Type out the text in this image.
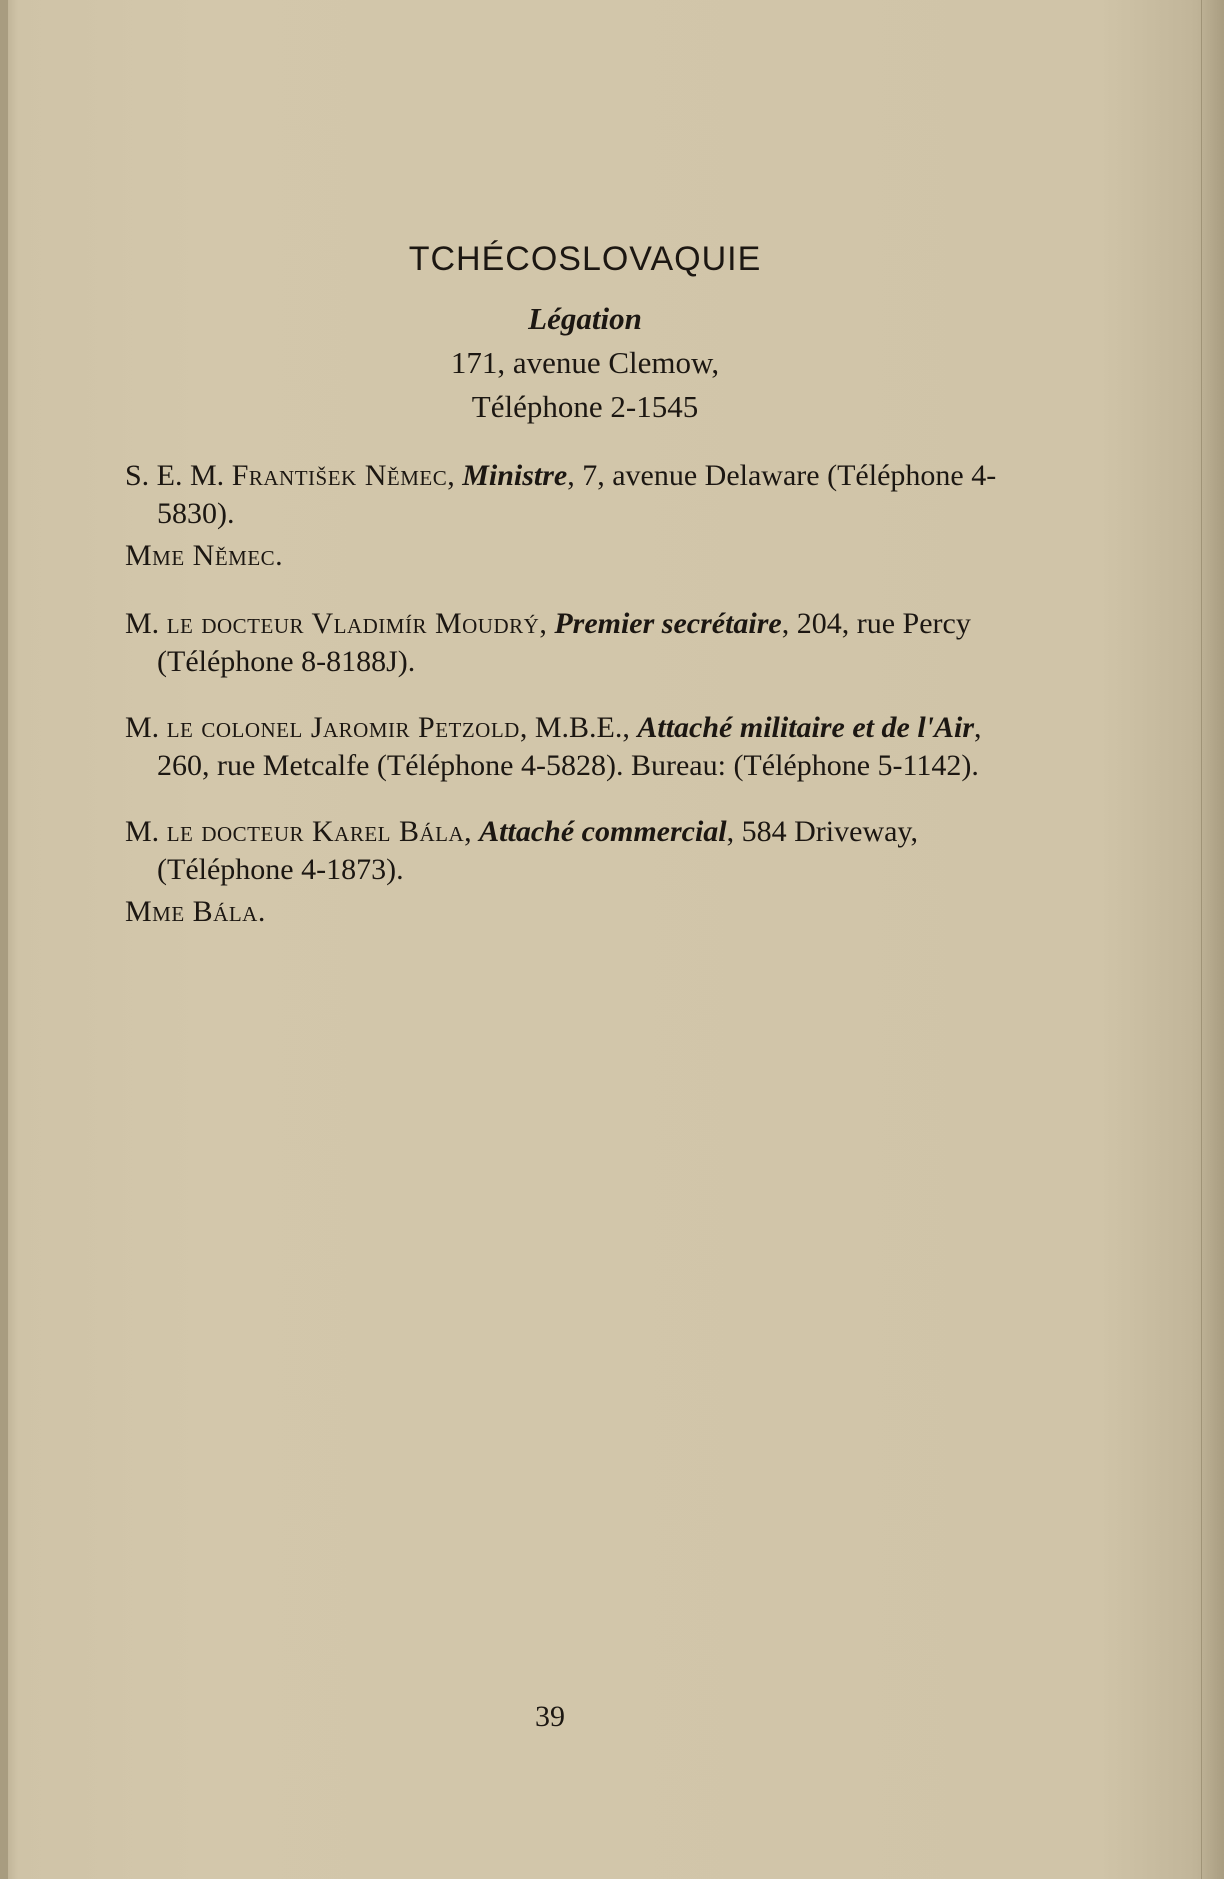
TCHÉCOSLOVAQUIE

Légation

171, avenue Clemow,

Téléphone 2-1545

S. E. M. František Němec, Ministre, 7, avenue Delaware (Téléphone 4-5830).

Mme Němec.

M. le docteur Vladimír Moudrý, Premier secrétaire, 204, rue Percy (Téléphone 8-8188J).

M. le colonel Jaromir Petzold, M.B.E., Attaché militaire et de l'Air, 260, rue Metcalfe (Téléphone 4-5828). Bureau: (Téléphone 5-1142).

M. le docteur Karel Bála, Attaché commercial, 584 Driveway, (Téléphone 4-1873).

Mme Bála.

39
